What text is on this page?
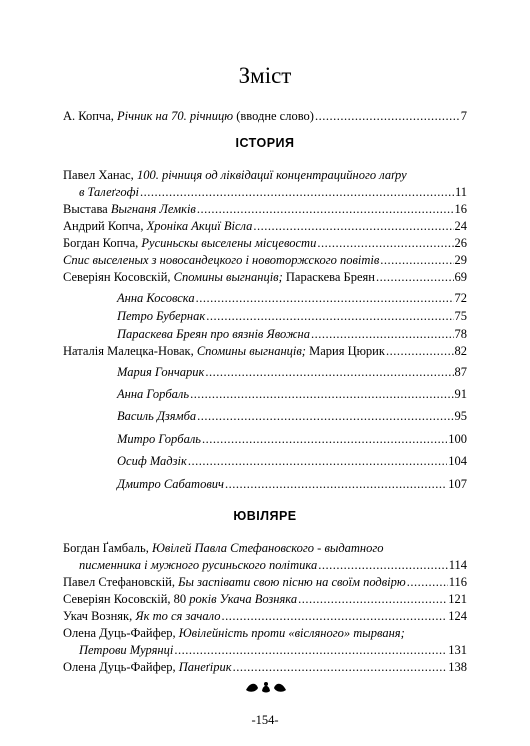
Зміст
А. Копча, Річник на 70. річницю (вводне слово) .....	7
ІСТОРИЯ
Павел Ханас, 100. річниця од ліквідациї концентрацийного лаґру
в Талеґгофі .....	11
Выстава Выгнаня Лемків .....	16
Андрий Копча, Хроніка Акциї Вісла .....	24
Богдан Копча, Русиньскы выселены місцевости .....	26
Спис выселеных з новосандецкого і новоторжского повітів .....	29
Северіян Косовскій, Спомины выгнанців; Параскева Бреян .....	69
Анна Косовска .....	72
Петро Бубернак .....	75
Параскева Бреян про вязнів Явожна .....	78
Наталія Малецка-Новак, Спомины выгнанців; Мария Цюрик .....	82
Мария Гончарик .....	87
Анна Горбаль .....	91
Василь Дзямба .....	95
Митро Горбаль .....	100
Осиф Мадзік .....	104
Дмитро Сабатович .....	107
ЮВІЛЯРЕ
Богдан Ґамбаль, Ювілей Павла Стефановского - выдатного
писменника і мужного русиньского політика .....	114
Павел Стефановскій, Бы заспівати свою пісню на своїм подвірю .....	116
Северіян Косовскій, 80 років Укача Возняка .....	121
Укач Возняк, Як то ся зачало .....	124
Олена Дуць-Файфер, Ювілейність проти «віслянoго» тырваня;
Петрови Мурянці .....	131
Олена Дуць-Файфер, Панеґірик .....	138
-154-
